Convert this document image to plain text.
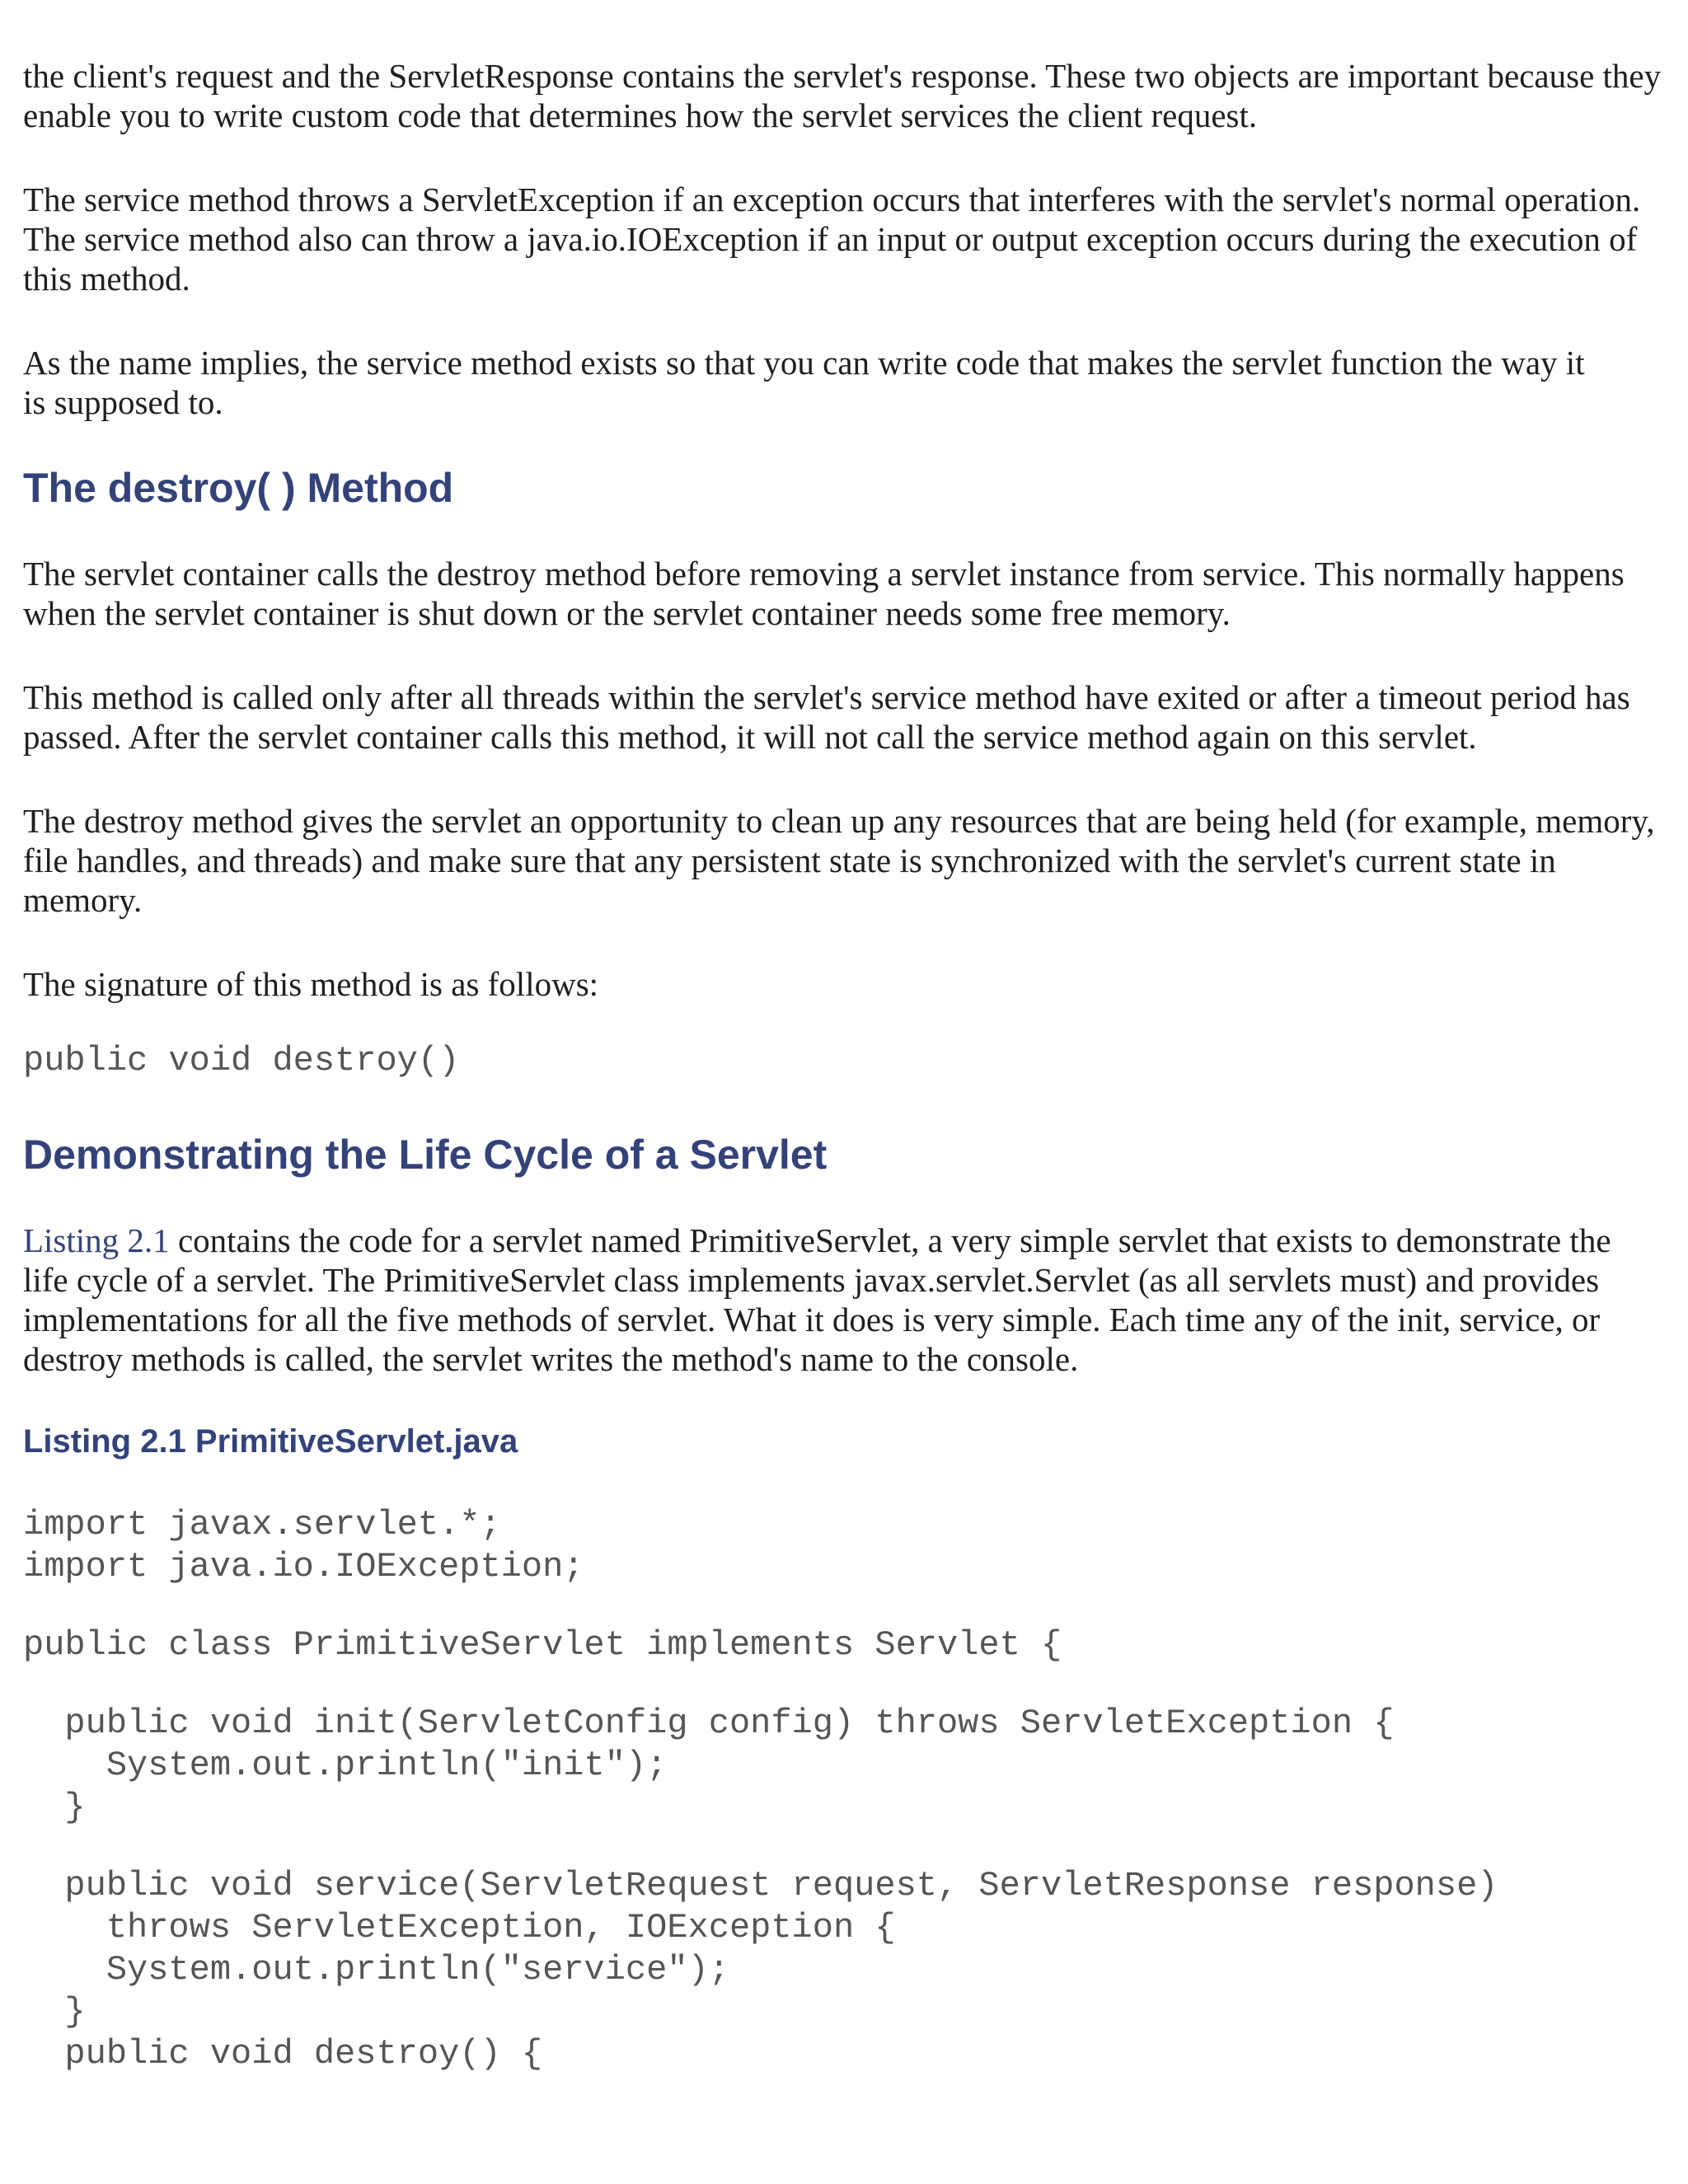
the client's request and the ServletResponse contains the servlet's response. These two objects are important because they enable you to write custom code that determines how the servlet services the client request.

The service method throws a ServletException if an exception occurs that interferes with the servlet's normal operation. The service method also can throw a java.io.IOException if an input or output exception occurs during the execution of this method.

As the name implies, the service method exists so that you can write code that makes the servlet function the way it is supposed to.

The destroy( ) Method

The servlet container calls the destroy method before removing a servlet instance from service. This normally happens when the servlet container is shut down or the servlet container needs some free memory.

This method is called only after all threads within the servlet's service method have exited or after a timeout period has passed. After the servlet container calls this method, it will not call the service method again on this servlet.

The destroy method gives the servlet an opportunity to clean up any resources that are being held (for example, memory, file handles, and threads) and make sure that any persistent state is synchronized with the servlet's current state in memory.

The signature of this method is as follows:

public void destroy()
Demonstrating the Life Cycle of a Servlet

Listing 2.1 contains the code for a servlet named PrimitiveServlet, a very simple servlet that exists to demonstrate the life cycle of a servlet. The PrimitiveServlet class implements javax.servlet.Servlet (as all servlets must) and provides implementations for all the five methods of servlet. What it does is very simple. Each time any of the init, service, or destroy methods is called, the servlet writes the method's name to the console.

Listing 2.1 PrimitiveServlet.java
import javax.servlet.*;
import java.io.IOException;
public class PrimitiveServlet implements Servlet {
public void init(ServletConfig config) throws ServletException {
System.out.println("init");
}
public void service(ServletRequest request, ServletResponse response)
throws ServletException, IOException {
System.out.println("service");
}
public void destroy() {
